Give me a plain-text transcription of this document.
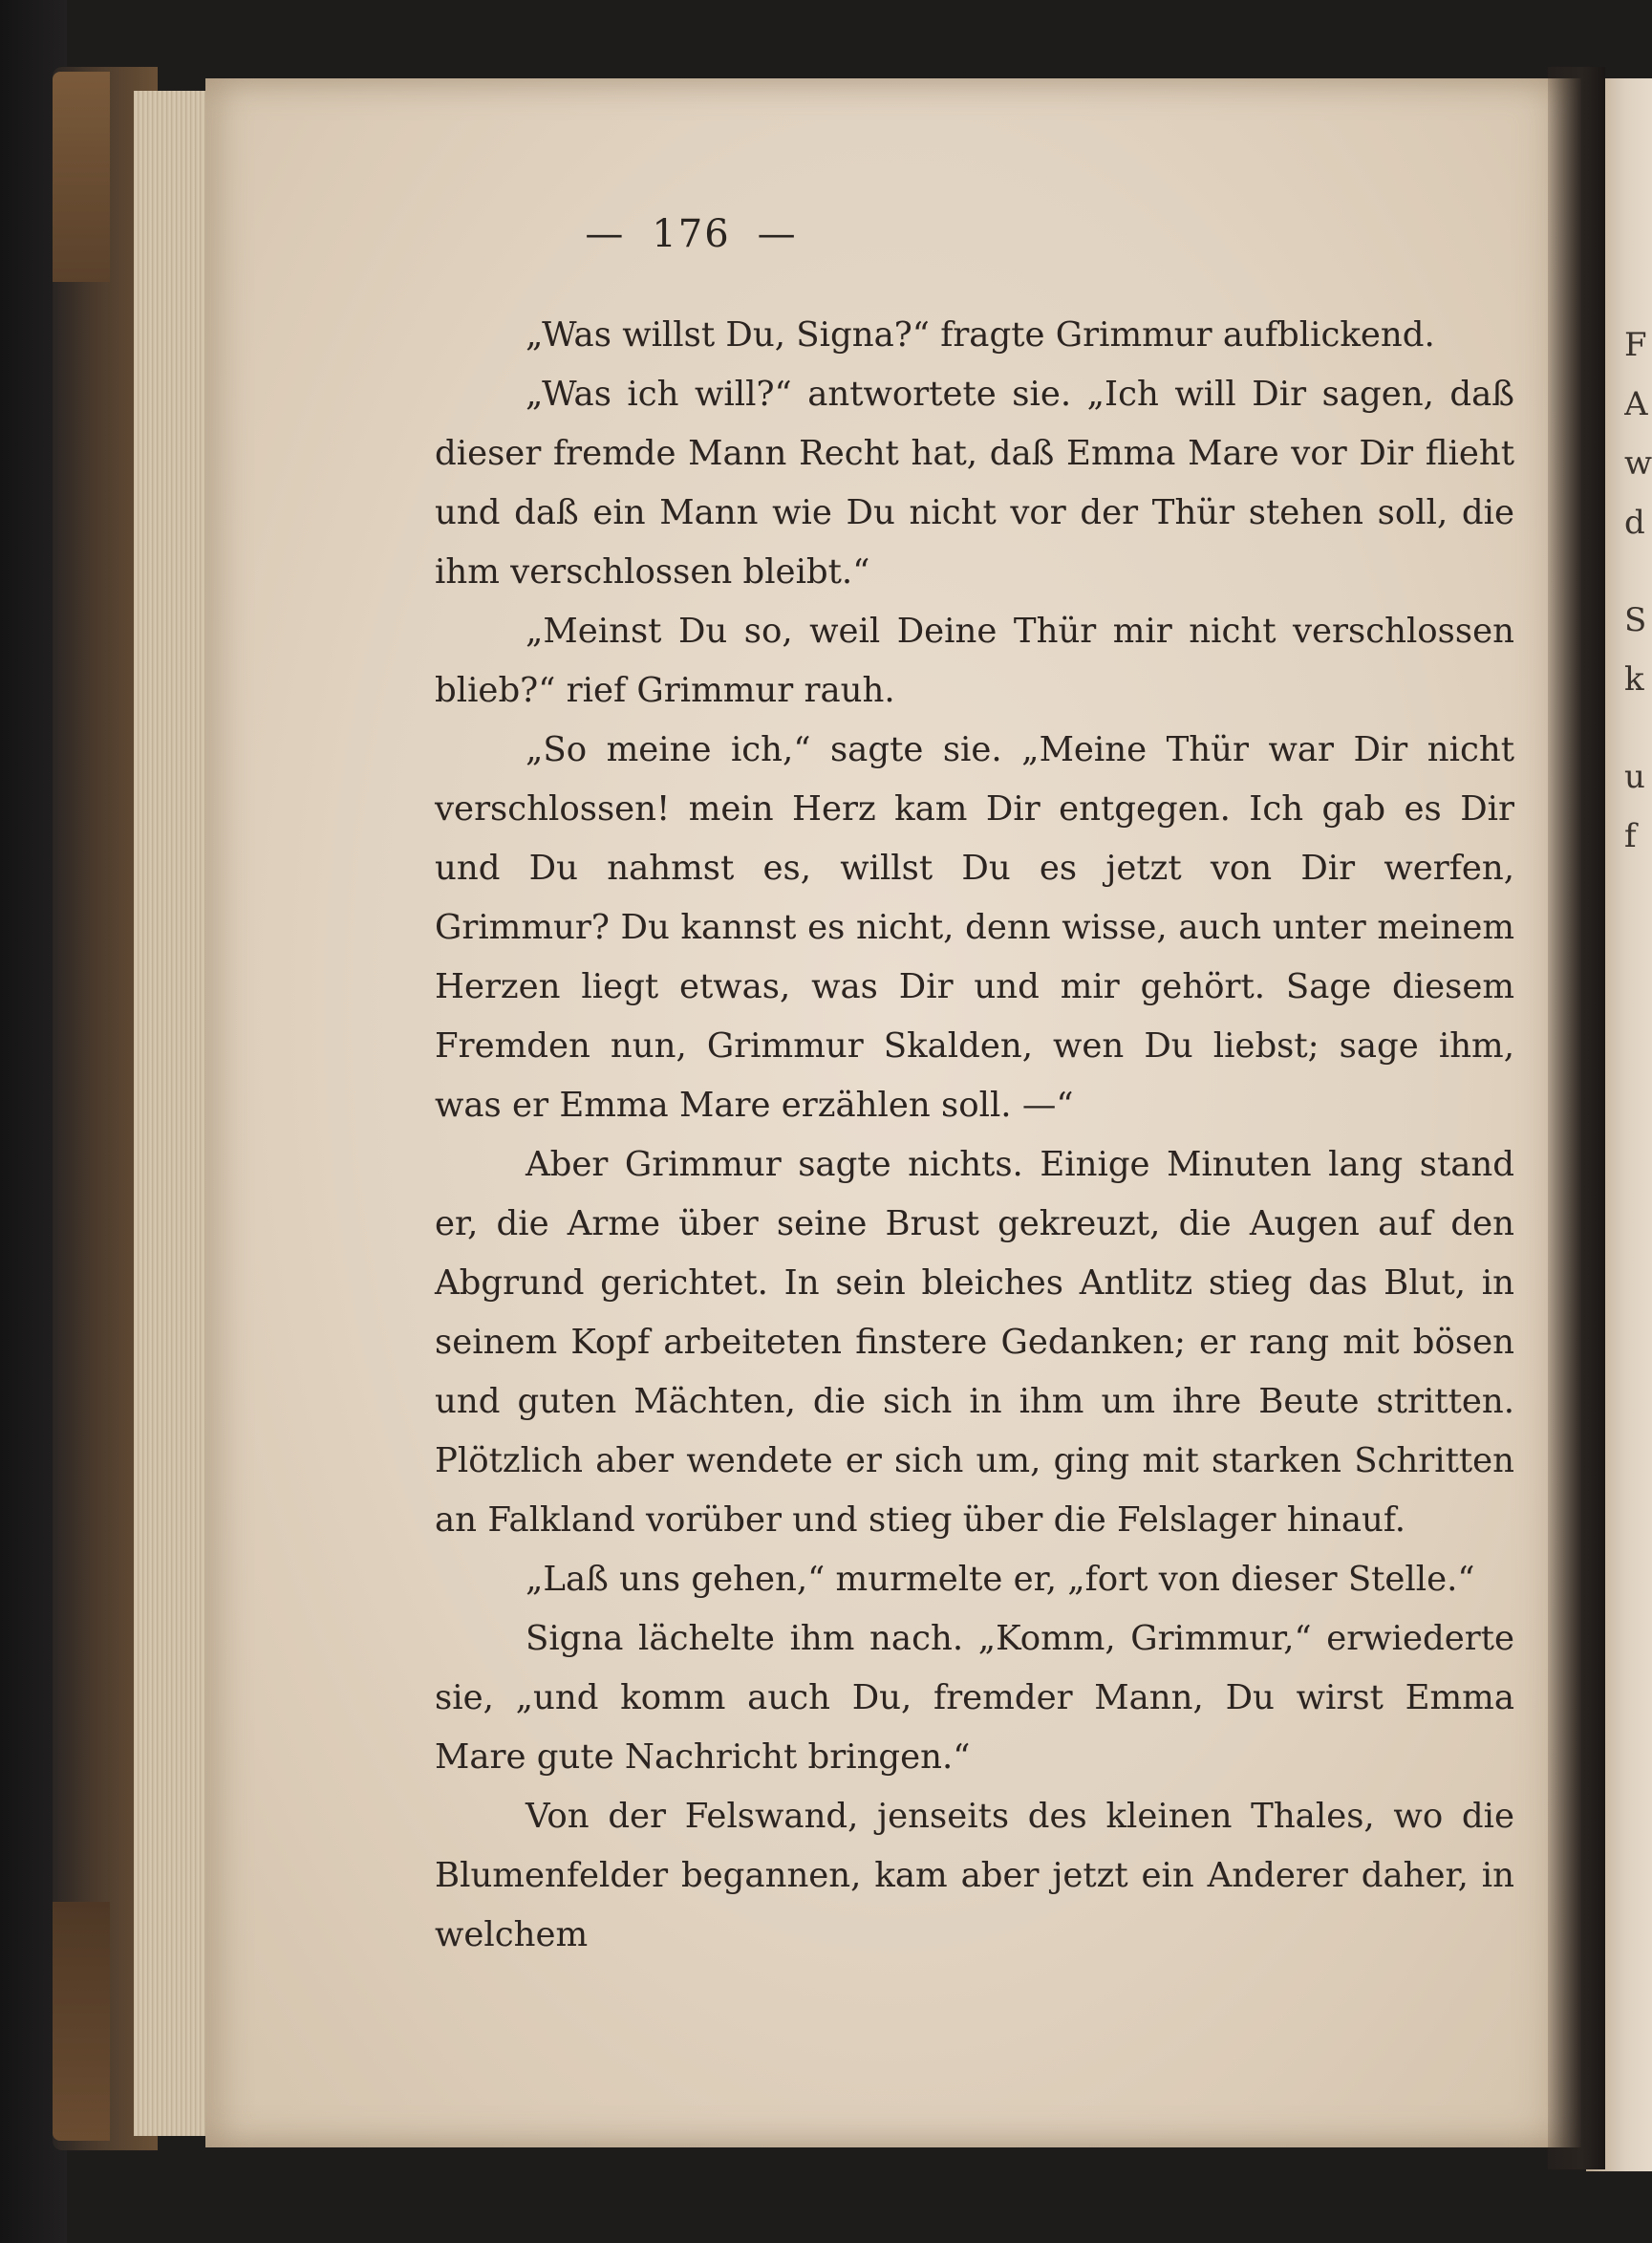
F
A
w
d
S
k
u
f
— 176 —

„Was willst Du, Signa?“ fragte Grimmur aufblickend.

„Was ich will?“ antwortete sie. „Ich will Dir sagen, daß dieser fremde Mann Recht hat, daß Emma Mare vor Dir flieht und daß ein Mann wie Du nicht vor der Thür stehen soll, die ihm verschlossen bleibt.“

„Meinst Du so, weil Deine Thür mir nicht verschlossen blieb?“ rief Grimmur rauh.

„So meine ich,“ sagte sie. „Meine Thür war Dir nicht verschlossen! mein Herz kam Dir entgegen. Ich gab es Dir und Du nahmst es, willst Du es jetzt von Dir werfen, Grimmur? Du kannst es nicht, denn wisse, auch unter meinem Herzen liegt etwas, was Dir und mir gehört. Sage diesem Fremden nun, Grimmur Skalden, wen Du liebst; sage ihm, was er Emma Mare erzählen soll. —“

Aber Grimmur sagte nichts. Einige Minuten lang stand er, die Arme über seine Brust gekreuzt, die Augen auf den Abgrund gerichtet. In sein bleiches Antlitz stieg das Blut, in seinem Kopf arbeiteten finstere Gedanken; er rang mit bösen und guten Mächten, die sich in ihm um ihre Beute stritten. Plötzlich aber wendete er sich um, ging mit starken Schritten an Falkland vorüber und stieg über die Felslager hinauf.

„Laß uns gehen,“ murmelte er, „fort von dieser Stelle.“

Signa lächelte ihm nach. „Komm, Grimmur,“ erwiederte sie, „und komm auch Du, fremder Mann, Du wirst Emma Mare gute Nachricht bringen.“

Von der Felswand, jenseits des kleinen Thales, wo die Blumenfelder begannen, kam aber jetzt ein Anderer daher, in welchem
